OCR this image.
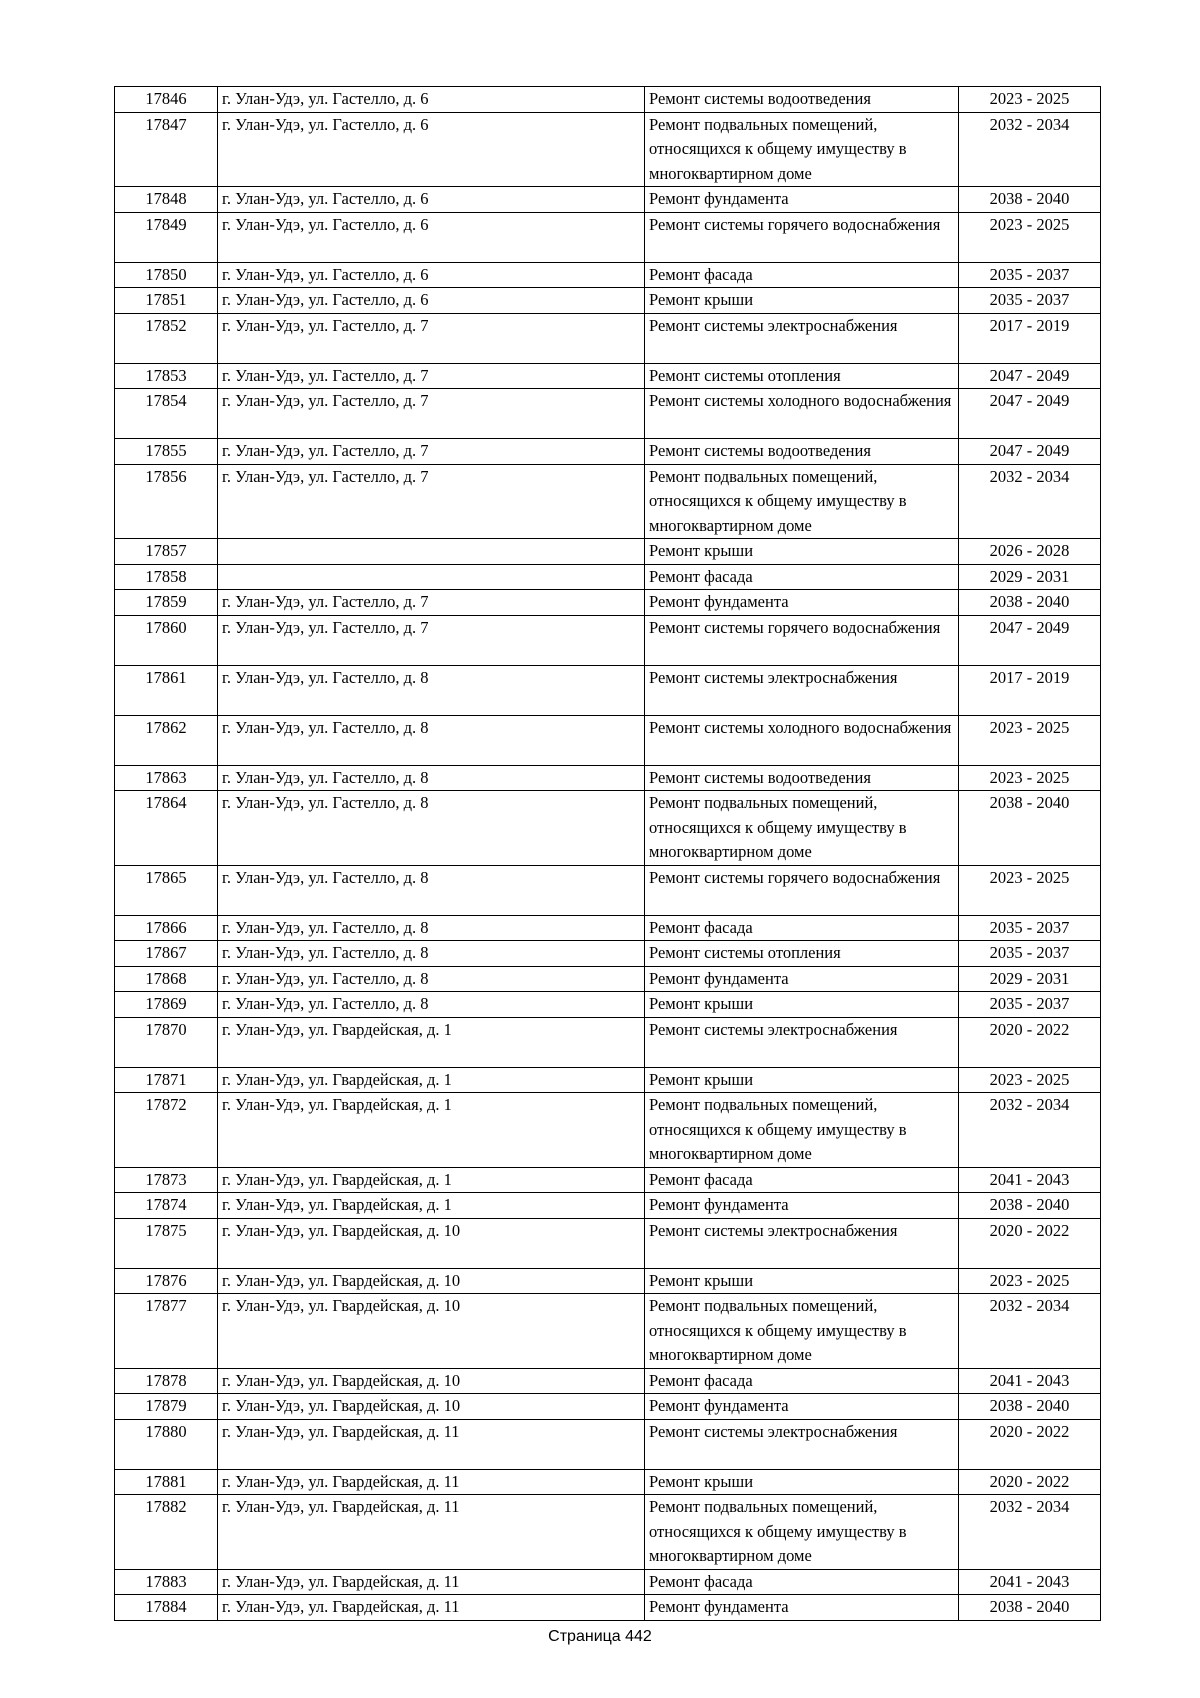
17846	г. Улан-Удэ, ул. Гастелло, д. 6	Ремонт системы водоотведения	2023 - 2025
17847	г. Улан-Удэ, ул. Гастелло, д. 6	Ремонт подвальных помещений, относящихся к общему имуществу в многоквартирном доме	2032 - 2034
17848	г. Улан-Удэ, ул. Гастелло, д. 6	Ремонт фундамента	2038 - 2040
17849	г. Улан-Удэ, ул. Гастелло, д. 6	Ремонт системы горячего водоснабжения	2023 - 2025
17850	г. Улан-Удэ, ул. Гастелло, д. 6	Ремонт фасада	2035 - 2037
17851	г. Улан-Удэ, ул. Гастелло, д. 6	Ремонт крыши	2035 - 2037
17852	г. Улан-Удэ, ул. Гастелло, д. 7	Ремонт системы электроснабжения	2017 - 2019
17853	г. Улан-Удэ, ул. Гастелло, д. 7	Ремонт системы отопления	2047 - 2049
17854	г. Улан-Удэ, ул. Гастелло, д. 7	Ремонт системы холодного водоснабжения	2047 - 2049
17855	г. Улан-Удэ, ул. Гастелло, д. 7	Ремонт системы водоотведения	2047 - 2049
17856	г. Улан-Удэ, ул. Гастелло, д. 7	Ремонт подвальных помещений, относящихся к общему имуществу в многоквартирном доме	2032 - 2034
17857		Ремонт крыши	2026 - 2028
17858		Ремонт фасада	2029 - 2031
17859	г. Улан-Удэ, ул. Гастелло, д. 7	Ремонт фундамента	2038 - 2040
17860	г. Улан-Удэ, ул. Гастелло, д. 7	Ремонт системы горячего водоснабжения	2047 - 2049
17861	г. Улан-Удэ, ул. Гастелло, д. 8	Ремонт системы электроснабжения	2017 - 2019
17862	г. Улан-Удэ, ул. Гастелло, д. 8	Ремонт системы холодного водоснабжения	2023 - 2025
17863	г. Улан-Удэ, ул. Гастелло, д. 8	Ремонт системы водоотведения	2023 - 2025
17864	г. Улан-Удэ, ул. Гастелло, д. 8	Ремонт подвальных помещений, относящихся к общему имуществу в многоквартирном доме	2038 - 2040
17865	г. Улан-Удэ, ул. Гастелло, д. 8	Ремонт системы горячего водоснабжения	2023 - 2025
17866	г. Улан-Удэ, ул. Гастелло, д. 8	Ремонт фасада	2035 - 2037
17867	г. Улан-Удэ, ул. Гастелло, д. 8	Ремонт системы отопления	2035 - 2037
17868	г. Улан-Удэ, ул. Гастелло, д. 8	Ремонт фундамента	2029 - 2031
17869	г. Улан-Удэ, ул. Гастелло, д. 8	Ремонт крыши	2035 - 2037
17870	г. Улан-Удэ, ул. Гвардейская, д. 1	Ремонт системы электроснабжения	2020 - 2022
17871	г. Улан-Удэ, ул. Гвардейская, д. 1	Ремонт крыши	2023 - 2025
17872	г. Улан-Удэ, ул. Гвардейская, д. 1	Ремонт подвальных помещений, относящихся к общему имуществу в многоквартирном доме	2032 - 2034
17873	г. Улан-Удэ, ул. Гвардейская, д. 1	Ремонт фасада	2041 - 2043
17874	г. Улан-Удэ, ул. Гвардейская, д. 1	Ремонт фундамента	2038 - 2040
17875	г. Улан-Удэ, ул. Гвардейская, д. 10	Ремонт системы электроснабжения	2020 - 2022
17876	г. Улан-Удэ, ул. Гвардейская, д. 10	Ремонт крыши	2023 - 2025
17877	г. Улан-Удэ, ул. Гвардейская, д. 10	Ремонт подвальных помещений, относящихся к общему имуществу в многоквартирном доме	2032 - 2034
17878	г. Улан-Удэ, ул. Гвардейская, д. 10	Ремонт фасада	2041 - 2043
17879	г. Улан-Удэ, ул. Гвардейская, д. 10	Ремонт фундамента	2038 - 2040
17880	г. Улан-Удэ, ул. Гвардейская, д. 11	Ремонт системы электроснабжения	2020 - 2022
17881	г. Улан-Удэ, ул. Гвардейская, д. 11	Ремонт крыши	2020 - 2022
17882	г. Улан-Удэ, ул. Гвардейская, д. 11	Ремонт подвальных помещений, относящихся к общему имуществу в многоквартирном доме	2032 - 2034
17883	г. Улан-Удэ, ул. Гвардейская, д. 11	Ремонт фасада	2041 - 2043
17884	г. Улан-Удэ, ул. Гвардейская, д. 11	Ремонт фундамента	2038 - 2040
Страница 442
